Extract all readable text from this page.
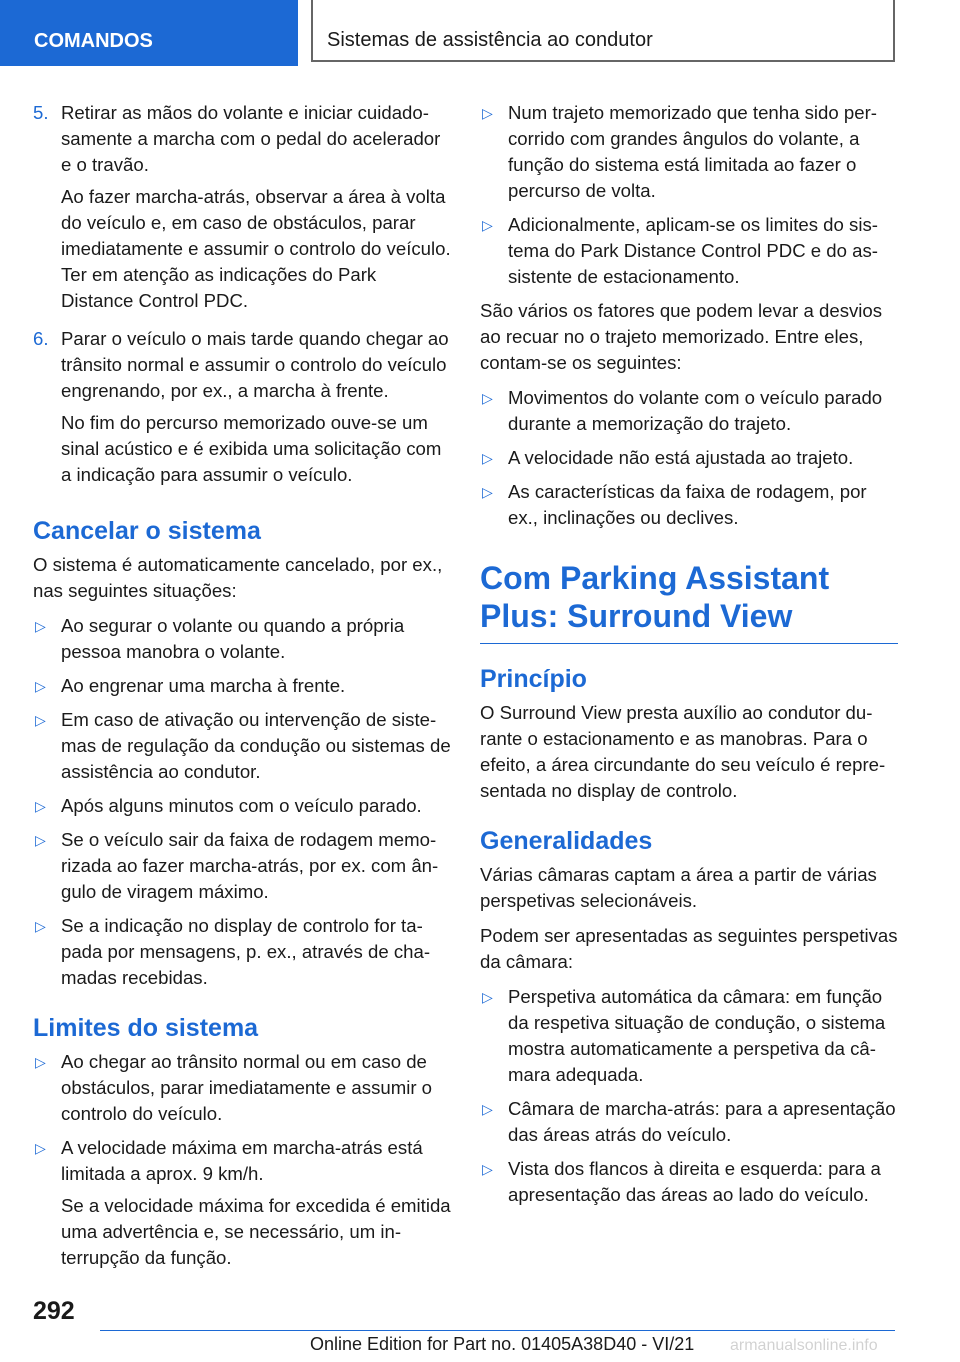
COMANDOS	Sistemas de assistência ao condutor
5. Retirar as mãos do volante e iniciar cuidadosamente a marcha com o pedal do acelerador e o travão.

Ao fazer marcha-atrás, observar a área à volta do veículo e, em caso de obstáculos, parar imediatamente e assumir o controlo do veículo. Ter em atenção as indicações do Park Distance Control PDC.

6. Parar o veículo o mais tarde quando chegar ao trânsito normal e assumir o controlo do veículo engrenando, por ex., a marcha à frente.

No fim do percurso memorizado ouve-se um sinal acústico e é exibida uma solicitação com a indicação para assumir o veículo.

Cancelar o sistema

O sistema é automaticamente cancelado, por ex., nas seguintes situações:

▷ Ao segurar o volante ou quando a própria pessoa manobra o volante.
▷ Ao engrenar uma marcha à frente.
▷ Em caso de ativação ou intervenção de sistemas de regulação da condução ou sistemas de assistência ao condutor.
▷ Após alguns minutos com o veículo parado.
▷ Se o veículo sair da faixa de rodagem memorizada ao fazer marcha-atrás, por ex. com ângulo de viragem máximo.
▷ Se a indicação no display de controlo for tapada por mensagens, p. ex., através de chamadas recebidas.
Limites do sistema
▷ Ao chegar ao trânsito normal ou em caso de obstáculos, parar imediatamente e assumir o controlo do veículo.
▷ A velocidade máxima em marcha-atrás está limitada a aprox. 9 km/h.
Se a velocidade máxima for excedida é emitida uma advertência e, se necessário, um interrupção da função.
▷ Num trajeto memorizado que tenha sido percorrido com grandes ângulos do volante, a função do sistema está limitada ao fazer o percurso de volta.
▷ Adicionalmente, aplicam-se os limites do sistema do Park Distance Control PDC e do assistente de estacionamento.

São vários os fatores que podem levar a desvios ao recuar no o trajeto memorizado. Entre eles, contam-se os seguintes:

▷ Movimentos do volante com o veículo parado durante a memorização do trajeto.
▷ A velocidade não está ajustada ao trajeto.
▷ As características da faixa de rodagem, por ex., inclinações ou declives.
Com Parking Assistant Plus: Surround View
Princípio

O Surround View presta auxílio ao condutor durante o estacionamento e as manobras. Para o efeito, a área circundante do seu veículo é representada no display de controlo.

Generalidades

Várias câmaras captam a área a partir de várias perspetivas selecionáveis.

Podem ser apresentadas as seguintes perspetivas da câmara:

▷ Perspetiva automática da câmara: em função da respetiva situação de condução, o sistema mostra automaticamente a perspetiva da câmara adequada.
▷ Câmara de marcha-atrás: para a apresentação das áreas atrás do veículo.
▷ Vista dos flancos à direita e esquerda: para a apresentação das áreas ao lado do veículo.
292
Online Edition for Part no. 01405A38D40 - VI/21 armanualsonline.info
